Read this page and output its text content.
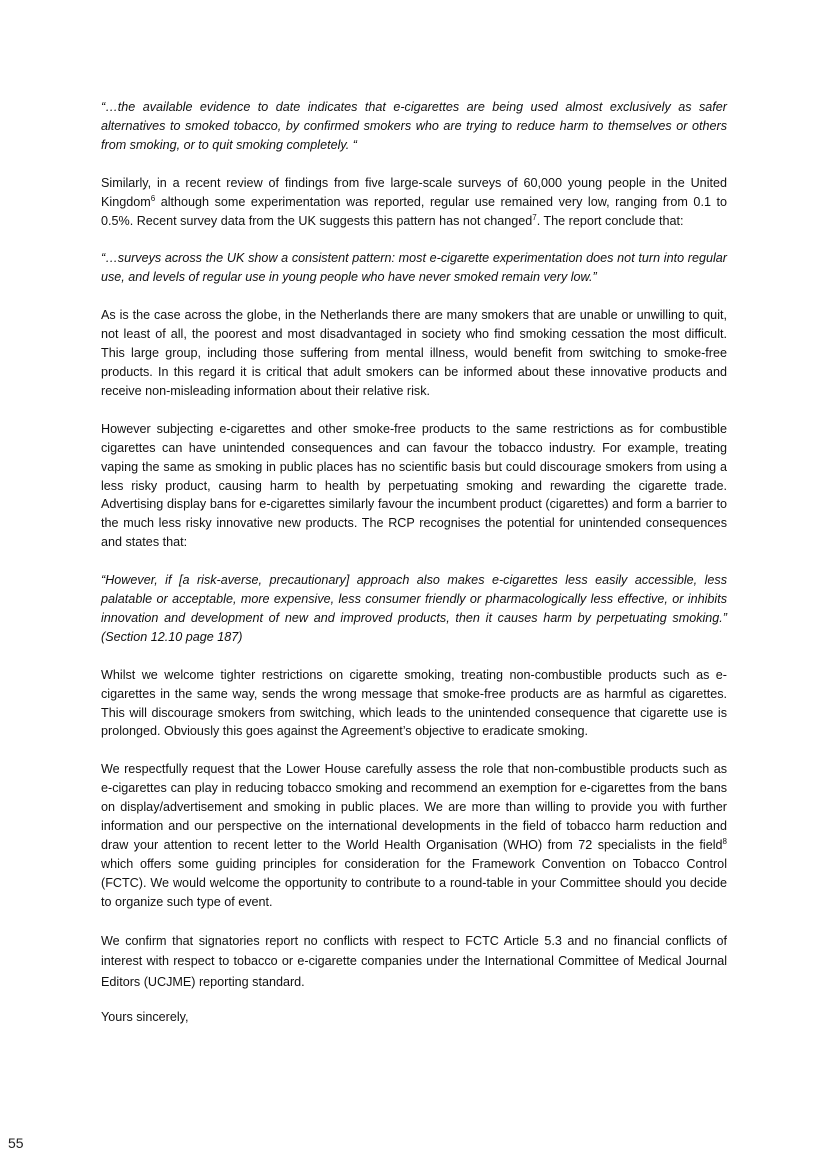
“…the available evidence to date indicates that e-cigarettes are being used almost exclusively as safer alternatives to smoked tobacco, by confirmed smokers who are trying to reduce harm to themselves or others from smoking, or to quit smoking completely. “

Similarly, in a recent review of findings from five large-scale surveys of 60,000 young people in the United Kingdom$^6$ although some experimentation was reported, regular use remained very low, ranging from 0.1 to 0.5%. Recent survey data from the UK suggests this pattern has not changed$^7$. The report conclude that:

“…surveys across the UK show a consistent pattern: most e-cigarette experimentation does not turn into regular use, and levels of regular use in young people who have never smoked remain very low.”

As is the case across the globe, in the Netherlands there are many smokers that are unable or unwilling to quit, not least of all, the poorest and most disadvantaged in society who find smoking cessation the most difficult. This large group, including those suffering from mental illness, would benefit from switching to smoke-free products. In this regard it is critical that adult smokers can be informed about these innovative products and receive non-misleading information about their relative risk.

However subjecting e-cigarettes and other smoke-free products to the same restrictions as for combustible cigarettes can have unintended consequences and can favour the tobacco industry. For example, treating vaping the same as smoking in public places has no scientific basis but could discourage smokers from using a less risky product, causing harm to health by perpetuating smoking and rewarding the cigarette trade. Advertising display bans for e-cigarettes similarly favour the incumbent product (cigarettes) and form a barrier to the much less risky innovative new products. The RCP recognises the potential for unintended consequences and states that:

“However, if [a risk-averse, precautionary] approach also makes e-cigarettes less easily accessible, less palatable or acceptable, more expensive, less consumer friendly or pharmacologically less effective, or inhibits innovation and development of new and improved products, then it causes harm by perpetuating smoking.” (Section 12.10 page 187)

Whilst we welcome tighter restrictions on cigarette smoking, treating non-combustible products such as e-cigarettes in the same way, sends the wrong message that smoke-free products are as harmful as cigarettes. This will discourage smokers from switching, which leads to the unintended consequence that cigarette use is prolonged. Obviously this goes against the Agreement’s objective to eradicate smoking.

We respectfully request that the Lower House carefully assess the role that non-combustible products such as e-cigarettes can play in reducing tobacco smoking and recommend an exemption for e-cigarettes from the bans on display/advertisement and smoking in public places. We are more than willing to provide you with further information and our perspective on the international developments in the field of tobacco harm reduction and draw your attention to recent letter to the World Health Organisation (WHO) from 72 specialists in the field$^8$ which offers some guiding principles for consideration for the Framework Convention on Tobacco Control (FCTC). We would welcome the opportunity to contribute to a round-table in your Committee should you decide to organize such type of event.

We confirm that signatories report no conflicts with respect to FCTC Article 5.3 and no financial conflicts of interest with respect to tobacco or e-cigarette companies under the International Committee of Medical Journal Editors (UCJME) reporting standard.

Yours sincerely,

55
